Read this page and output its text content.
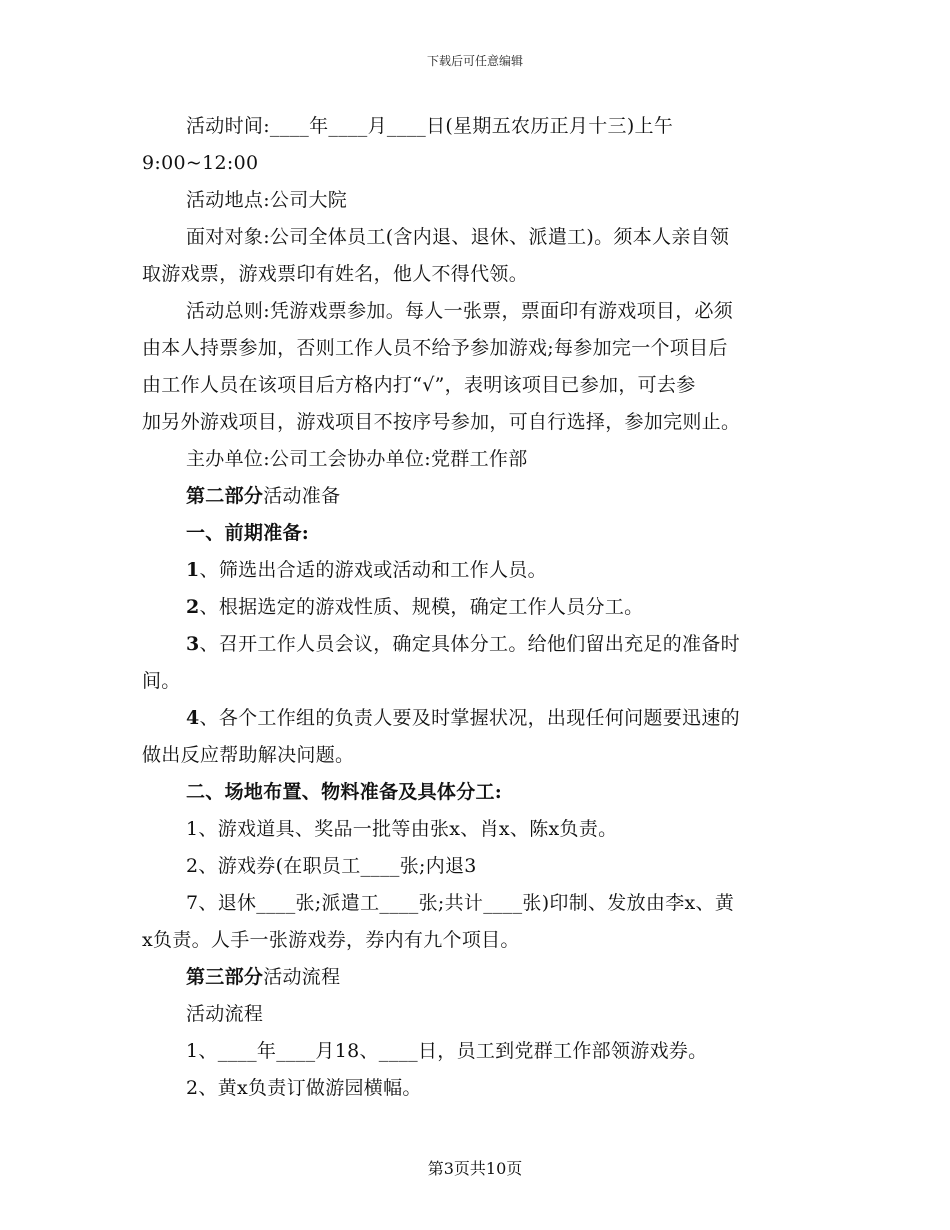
下载后可任意编辑
活动时间:____年____月____日(星期五农历正月十三)上午
9:00~12:00
活动地点:公司大院
面对对象:公司全体员工(含内退、退休、派遣工)。须本人亲自领
取游戏票，游戏票印有姓名，他人不得代领。
活动总则:凭游戏票参加。每人一张票，票面印有游戏项目，必须
由本人持票参加，否则工作人员不给予参加游戏;每参加完一个项目后
由工作人员在该项目后方格内打“√”，表明该项目已参加，可去参
加另外游戏项目，游戏项目不按序号参加，可自行选择，参加完则止。
主办单位:公司工会协办单位:党群工作部
第二部分活动准备
一、前期准备:
1、筛选出合适的游戏或活动和工作人员。
2、根据选定的游戏性质、规模，确定工作人员分工。
3、召开工作人员会议，确定具体分工。给他们留出充足的准备时
间。
4、各个工作组的负责人要及时掌握状况，出现任何问题要迅速的
做出反应帮助解决问题。
二、场地布置、物料准备及具体分工:
1、游戏道具、奖品一批等由张x、肖x、陈x负责。
2、游戏券(在职员工____张;内退3
7、退休____张;派遣工____张;共计____张)印制、发放由李x、黄
x负责。人手一张游戏券，券内有九个项目。
第三部分活动流程
活动流程
1、____年____月18、____日，员工到党群工作部领游戏券。
2、黄x负责订做游园横幅。
第3页共10页
